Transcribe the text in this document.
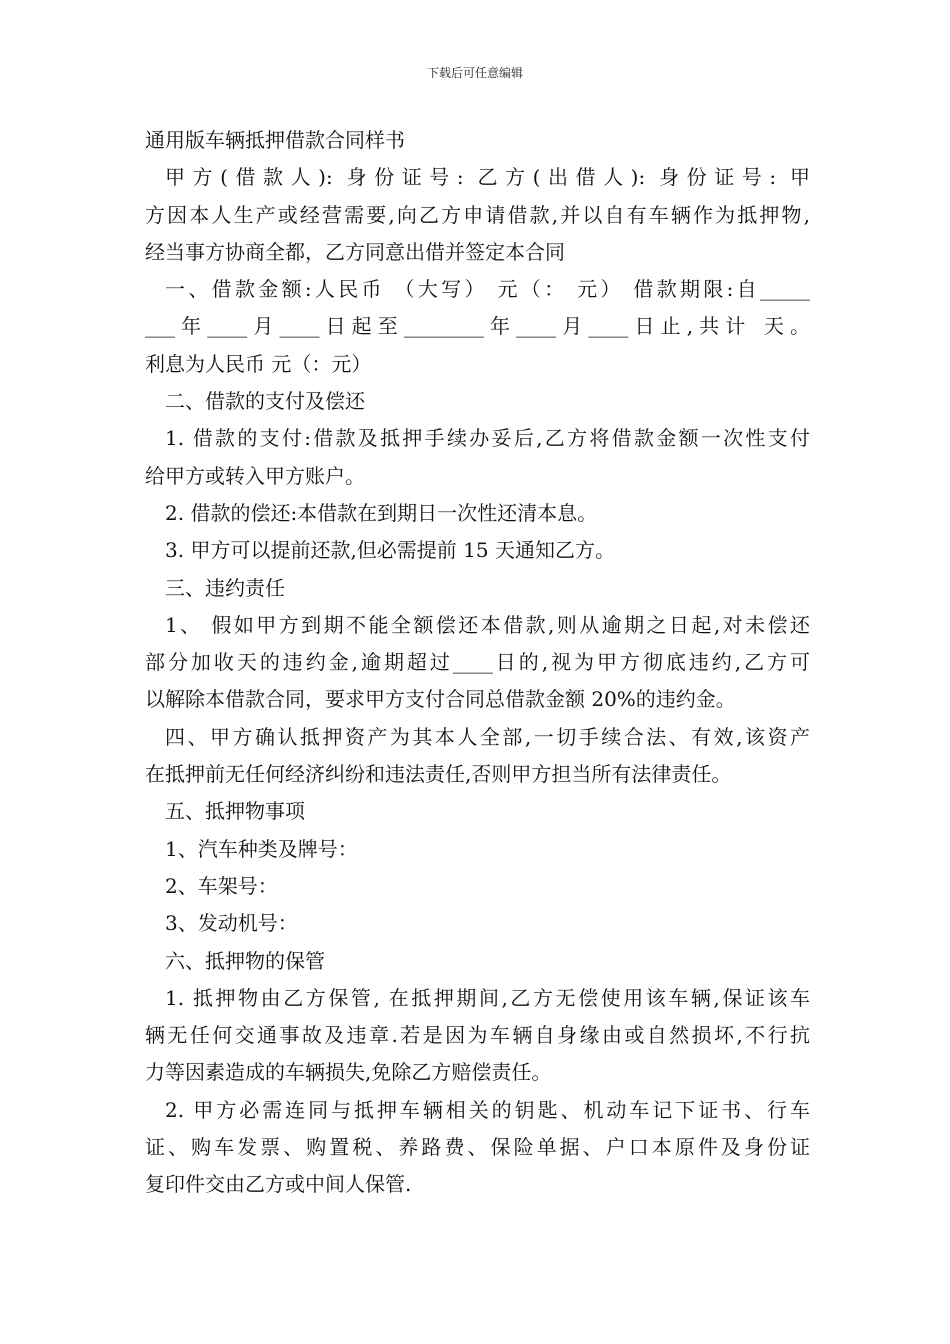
下载后可任意编辑

通用版车辆抵押借款合同样书

甲方(借款人): 身份证号: 乙方(出借人): 身份证号: 甲

方因本人生产或经营需要,向乙方申请借款,并以自有车辆作为抵押物,

经当事方协商全都，乙方同意出借并签定本合同

一、借款金额:人民币 （大写） 元（： 元） 借款期限:自_____

___年____月____日起至________年____月____日止,共计 天。

利息为人民币 元（：元）

二、借款的支付及偿还

1. 借款的支付:借款及抵押手续办妥后,乙方将借款金额一次性支付

给甲方或转入甲方账户。

2. 借款的偿还:本借款在到期日一次性还清本息。

3. 甲方可以提前还款,但必需提前 15 天通知乙方。

三、违约责任

1、 假如甲方到期不能全额偿还本借款,则从逾期之日起,对未偿还

部分加收天的违约金,逾期超过____日的,视为甲方彻底违约,乙方可

以解除本借款合同，要求甲方支付合同总借款金额 20%的违约金。

四、甲方确认抵押资产为其本人全部,一切手续合法、有效,该资产

在抵押前无任何经济纠纷和违法责任,否则甲方担当所有法律责任。

五、抵押物事项

1、汽车种类及牌号：

2、车架号：

3、发动机号：

六、抵押物的保管

1. 抵押物由乙方保管, 在抵押期间,乙方无偿使用该车辆,保证该车

辆无任何交通事故及违章.若是因为车辆自身缘由或自然损坏,不行抗

力等因素造成的车辆损失,免除乙方赔偿责任。

2. 甲方必需连同与抵押车辆相关的钥匙、机动车记下证书、行车

证、购车发票、购置税、养路费、保险单据、户口本原件及身份证

复印件交由乙方或中间人保管.
